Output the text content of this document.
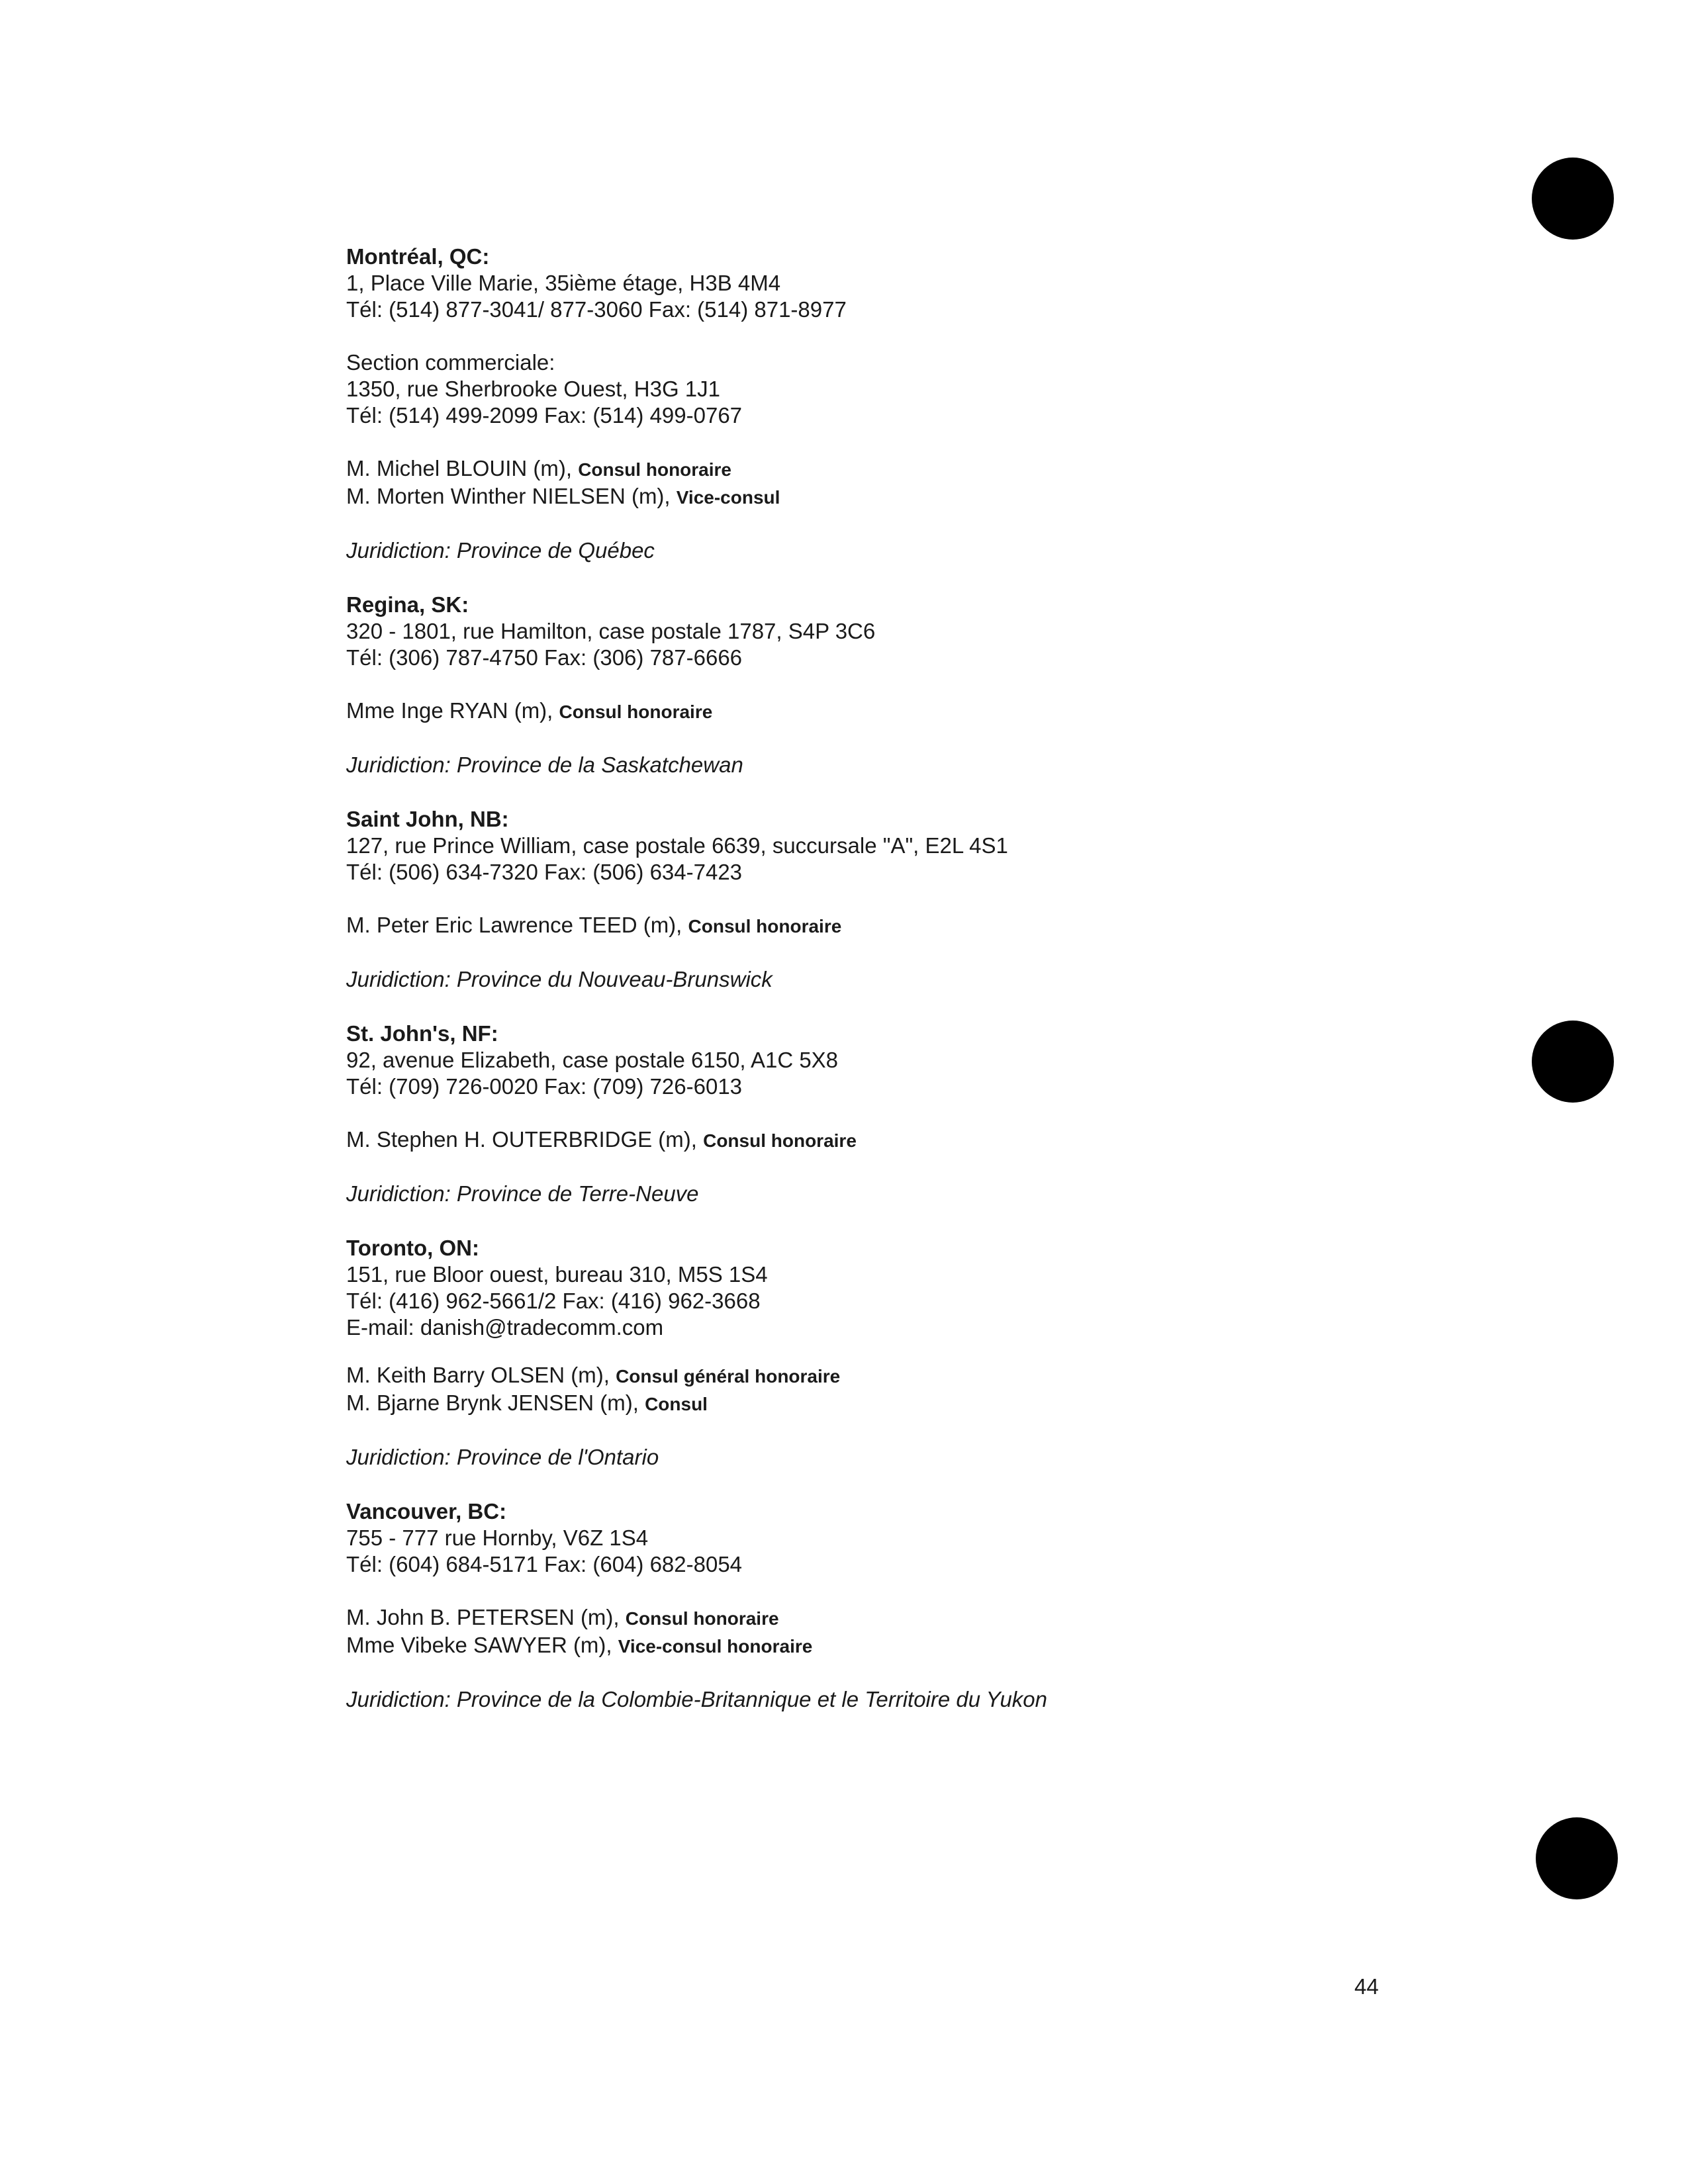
Montréal, QC:
1, Place Ville Marie, 35ième étage, H3B 4M4
Tél: (514) 877-3041/ 877-3060 Fax: (514) 871-8977
Section commerciale:
1350, rue Sherbrooke Ouest, H3G 1J1
Tél: (514) 499-2099 Fax: (514) 499-0767
M. Michel BLOUIN (m), Consul honoraire
M. Morten Winther NIELSEN (m), Vice-consul
Juridiction: Province de Québec
Regina, SK:
320 - 1801, rue Hamilton, case postale 1787, S4P 3C6
Tél: (306) 787-4750 Fax: (306) 787-6666
Mme Inge RYAN (m), Consul honoraire
Juridiction: Province de la Saskatchewan
Saint John, NB:
127, rue Prince William, case postale 6639, succursale "A", E2L 4S1
Tél: (506) 634-7320 Fax: (506) 634-7423
M. Peter Eric Lawrence TEED (m), Consul honoraire
Juridiction: Province du Nouveau-Brunswick
St. John's, NF:
92, avenue Elizabeth, case postale 6150, A1C 5X8
Tél: (709) 726-0020 Fax: (709) 726-6013
M. Stephen H. OUTERBRIDGE (m), Consul honoraire
Juridiction: Province de Terre-Neuve
Toronto, ON:
151, rue Bloor ouest, bureau 310, M5S 1S4
Tél: (416) 962-5661/2 Fax: (416) 962-3668
E-mail: danish@tradecomm.com
M. Keith Barry OLSEN (m), Consul général honoraire
M. Bjarne Brynk JENSEN (m), Consul
Juridiction: Province de l'Ontario
Vancouver, BC:
755 - 777 rue Hornby, V6Z 1S4
Tél: (604) 684-5171 Fax: (604) 682-8054
M. John B. PETERSEN (m), Consul honoraire
Mme Vibeke SAWYER (m), Vice-consul honoraire
Juridiction: Province de la Colombie-Britannique et le Territoire du Yukon
44
